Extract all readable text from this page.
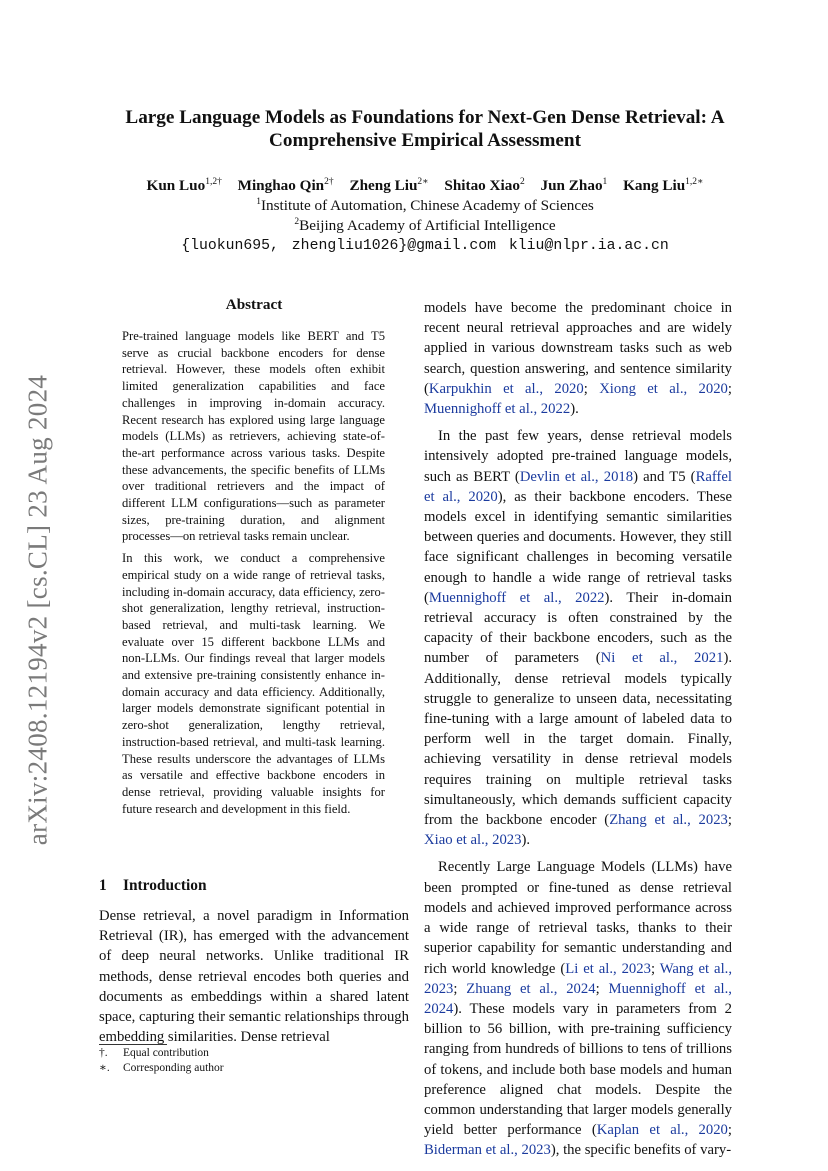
arXiv:2408.12194v2 [cs.CL] 23 Aug 2024
Large Language Models as Foundations for Next-Gen Dense Retrieval: A
Comprehensive Empirical Assessment
Kun Luo$^{1,2\dagger}$ Minghao Qin$^{2\dagger}$ Zheng Liu$^{2∗}$ Shitao Xiao$^2$ Jun Zhao$^1$ Kang Liu$^{1,2∗}$
$^1$Institute of Automation, Chinese Academy of Sciences
$^2$Beijing Academy of Artificial Intelligence
{luokun695, zhengliu1026}@gmail.com kliu@nlpr.ia.ac.cn
Abstract

Pre-trained language models like BERT and T5 serve as crucial backbone encoders for dense retrieval. However, these models often exhibit limited generalization capabilities and face challenges in improving in-domain accuracy. Recent research has explored using large language models (LLMs) as retrievers, achieving state-of-the-art performance across various tasks. Despite these advancements, the specific benefits of LLMs over traditional retrievers and the impact of different LLM configurations—such as parameter sizes, pre-training duration, and alignment processes—on retrieval tasks remain unclear.

In this work, we conduct a comprehensive empirical study on a wide range of retrieval tasks, including in-domain accuracy, data efficiency, zero-shot generalization, lengthy retrieval, instruction-based retrieval, and multi-task learning. We evaluate over 15 different backbone LLMs and non-LLMs. Our findings reveal that larger models and extensive pre-training consistently enhance in-domain accuracy and data efficiency. Additionally, larger models demonstrate significant potential in zero-shot generalization, lengthy retrieval, instruction-based retrieval, and multi-task learning. These results underscore the advantages of LLMs as versatile and effective backbone encoders in dense retrieval, providing valuable insights for future research and development in this field.

1 Introduction

Dense retrieval, a novel paradigm in Information Retrieval (IR), has emerged with the advancement of deep neural networks. Unlike traditional IR methods, dense retrieval encodes both queries and documents as embeddings within a shared latent space, capturing their semantic relationships through embedding similarities. Dense retrieval

†.	Equal contribution
∗.	Corresponding author

models have become the predominant choice in recent neural retrieval approaches and are widely applied in various downstream tasks such as web search, question answering, and sentence similarity (Karpukhin et al., 2020; Xiong et al., 2020; Muennighoff et al., 2022).

In the past few years, dense retrieval models intensively adopted pre-trained language models, such as BERT (Devlin et al., 2018) and T5 (Raffel et al., 2020), as their backbone encoders. These models excel in identifying semantic similarities between queries and documents. However, they still face significant challenges in becoming versatile enough to handle a wide range of retrieval tasks (Muennighoff et al., 2022). Their in-domain retrieval accuracy is often constrained by the capacity of their backbone encoders, such as the number of parameters (Ni et al., 2021). Additionally, dense retrieval models typically struggle to generalize to unseen data, necessitating fine-tuning with a large amount of labeled data to perform well in the target domain. Finally, achieving versatility in dense retrieval models requires training on multiple retrieval tasks simultaneously, which demands sufficient capacity from the backbone encoder (Zhang et al., 2023; Xiao et al., 2023).

Recently Large Language Models (LLMs) have been prompted or fine-tuned as dense retrieval models and achieved improved performance across a wide range of retrieval tasks, thanks to their superior capability for semantic understanding and rich world knowledge (Li et al., 2023; Wang et al., 2023; Zhuang et al., 2024; Muennighoff et al., 2024). These models vary in parameters from 2 billion to 56 billion, with pre-training sufficiency ranging from hundreds of billions to tens of trillions of tokens, and include both base models and human preference aligned chat models. Despite the common understanding that larger models generally yield better performance (Kaplan et al., 2020; Biderman et al., 2023), the specific benefits of vary-
